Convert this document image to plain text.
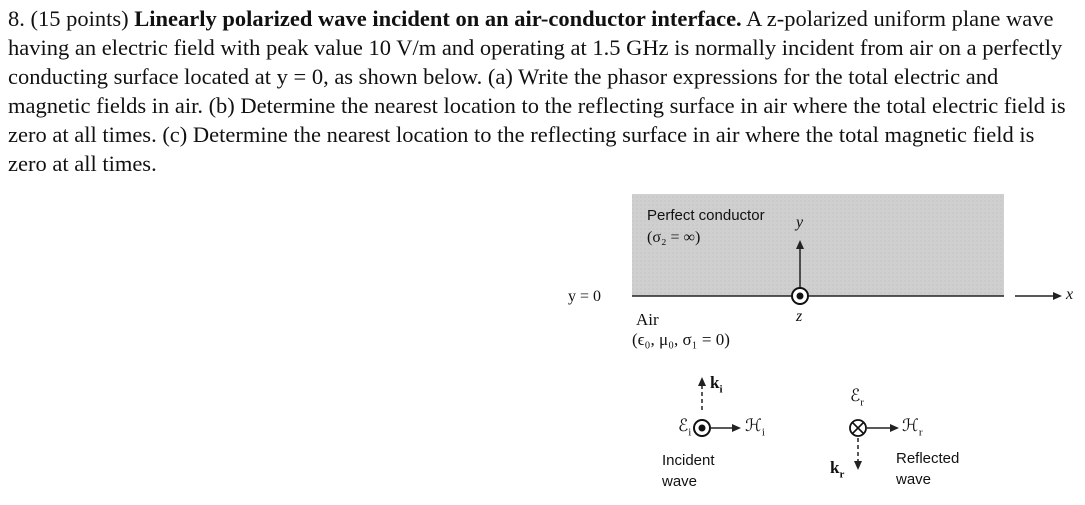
8. (15 points) Linearly polarized wave incident on an air-conductor interface. A z-polarized uniform plane wave having an electric field with peak value 10 V/m and operating at 1.5 GHz is normally incident from air on a perfectly conducting surface located at y = 0, as shown below. (a) Write the phasor expressions for the total electric and magnetic fields in air. (b) Determine the nearest location to the reflecting surface in air where the total electric field is zero at all times. (c) Determine the nearest location to the reflecting surface in air where the total magnetic field is zero at all times.
Perfect conductor
(σ₂ = ∞)
y
x
z
y = 0
Air
(ϵ₀, μ₀, σ₁ = 0)
$k_i$
ℰ$_i$	ℋ$_i$
Incident
wave
ℰ$_r$
ℋ$_r$
$k_r$
Reflected
wave
